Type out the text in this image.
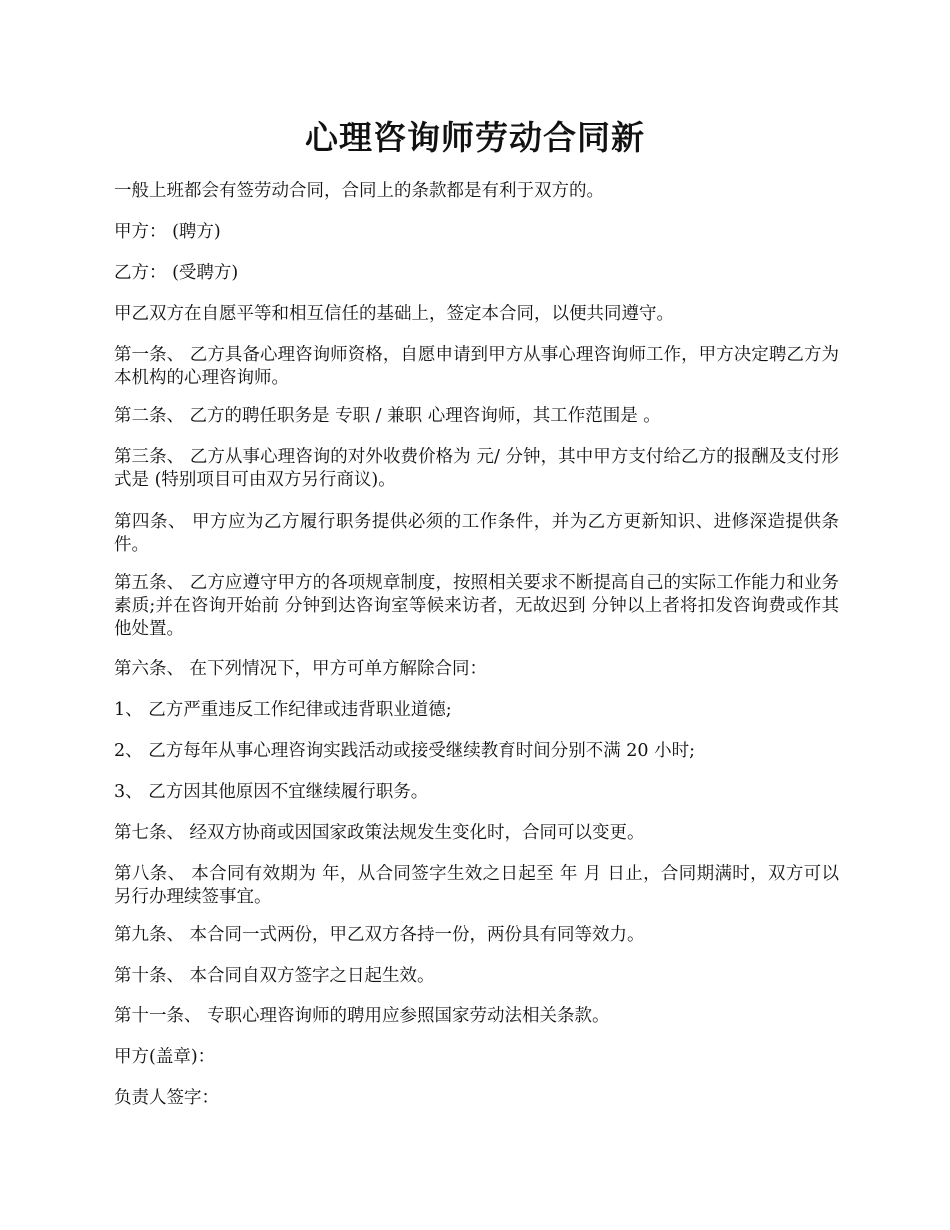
心理咨询师劳动合同新

一般上班都会有签劳动合同，合同上的条款都是有利于双方的。

甲方： (聘方)

乙方： (受聘方)

甲乙双方在自愿平等和相互信任的基础上，签定本合同，以便共同遵守。

第一条、 乙方具备心理咨询师资格，自愿申请到甲方从事心理咨询师工作，甲方决定聘乙方为本机构的心理咨询师。

第二条、 乙方的聘任职务是 专职 / 兼职 心理咨询师，其工作范围是 。

第三条、 乙方从事心理咨询的对外收费价格为 元/ 分钟，其中甲方支付给乙方的报酬及支付形式是 (特别项目可由双方另行商议)。

第四条、 甲方应为乙方履行职务提供必须的工作条件，并为乙方更新知识、进修深造提供条件。

第五条、 乙方应遵守甲方的各项规章制度，按照相关要求不断提高自己的实际工作能力和业务素质;并在咨询开始前 分钟到达咨询室等候来访者，无故迟到 分钟以上者将扣发咨询费或作其他处置。

第六条、 在下列情况下，甲方可单方解除合同：

1、 乙方严重违反工作纪律或违背职业道德;

2、 乙方每年从事心理咨询实践活动或接受继续教育时间分别不满 20 小时;

3、 乙方因其他原因不宜继续履行职务。

第七条、 经双方协商或因国家政策法规发生变化时，合同可以变更。

第八条、 本合同有效期为 年，从合同签字生效之日起至 年 月 日止，合同期满时，双方可以另行办理续签事宜。

第九条、 本合同一式两份，甲乙双方各持一份，两份具有同等效力。

第十条、 本合同自双方签字之日起生效。

第十一条、 专职心理咨询师的聘用应参照国家劳动法相关条款。

甲方(盖章)：

负责人签字：
